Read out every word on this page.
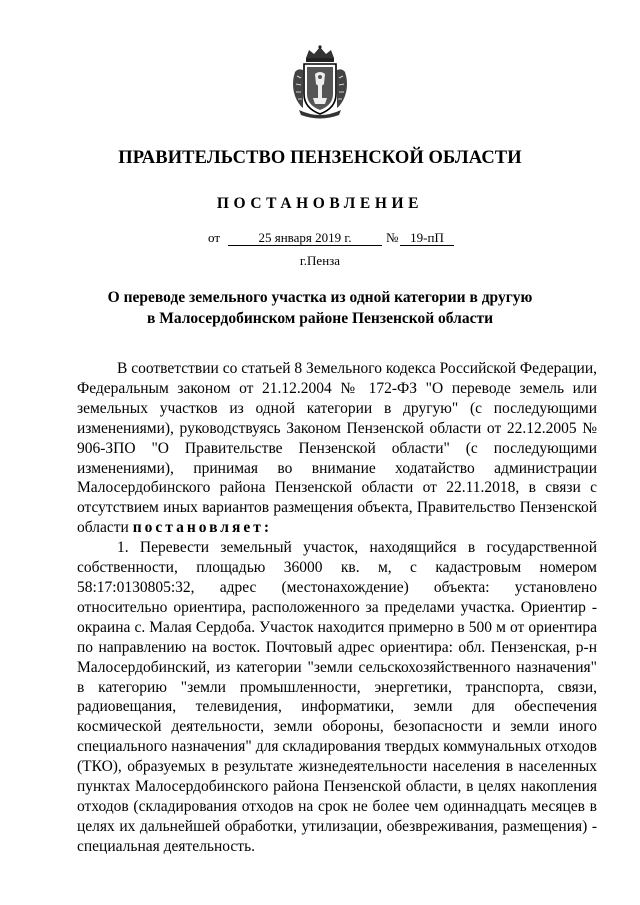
ПРАВИТЕЛЬСТВО ПЕНЗЕНСКОЙ ОБЛАСТИ
ПОСТАНОВЛЕНИЕ
от	25 января 2019 г.	№ 19-пП
г.Пенза
О переводе земельного участка из одной категории в другую
в Малосердобинском районе Пензенской области

В соответствии со статьей 8 Земельного кодекса Российской Федерации, Федеральным законом от 21.12.2004 № 172-ФЗ "О переводе земель или земельных участков из одной категории в другую" (с последующими изменениями), руководствуясь Законом Пензенской области от 22.12.2005 № 906-ЗПО "О Правительстве Пензенской области" (с последующими изменениями), принимая во внимание ходатайство администрации Малосердобинского района Пензенской области от 22.11.2018, в связи с отсутствием иных вариантов размещения объекта, Правительство Пензенской области постановляет:

1. Перевести земельный участок, находящийся в государственной собственности, площадью 36000 кв. м, с кадастровым номером 58:17:0130805:32, адрес (местонахождение) объекта: установлено относительно ориентира, расположенного за пределами участка. Ориентир - окраина с. Малая Сердоба. Участок находится примерно в 500 м от ориентира по направлению на восток. Почтовый адрес ориентира: обл. Пензенская, р-н Малосердобинский, из категории "земли сельскохозяйственного назначения" в категорию "земли промышленности, энергетики, транспорта, связи, радиовещания, телевидения, информатики, земли для обеспечения космической деятельности, земли обороны, безопасности и земли иного специального назначения" для складирования твердых коммунальных отходов (ТКО), образуемых в результате жизнедеятельности населения в населенных пунктах Малосердобинского района Пензенской области, в целях накопления отходов (складирования отходов на срок не более чем одиннадцать месяцев в целях их дальнейшей обработки, утилизации, обезвреживания, размещения) - специальная деятельность.
